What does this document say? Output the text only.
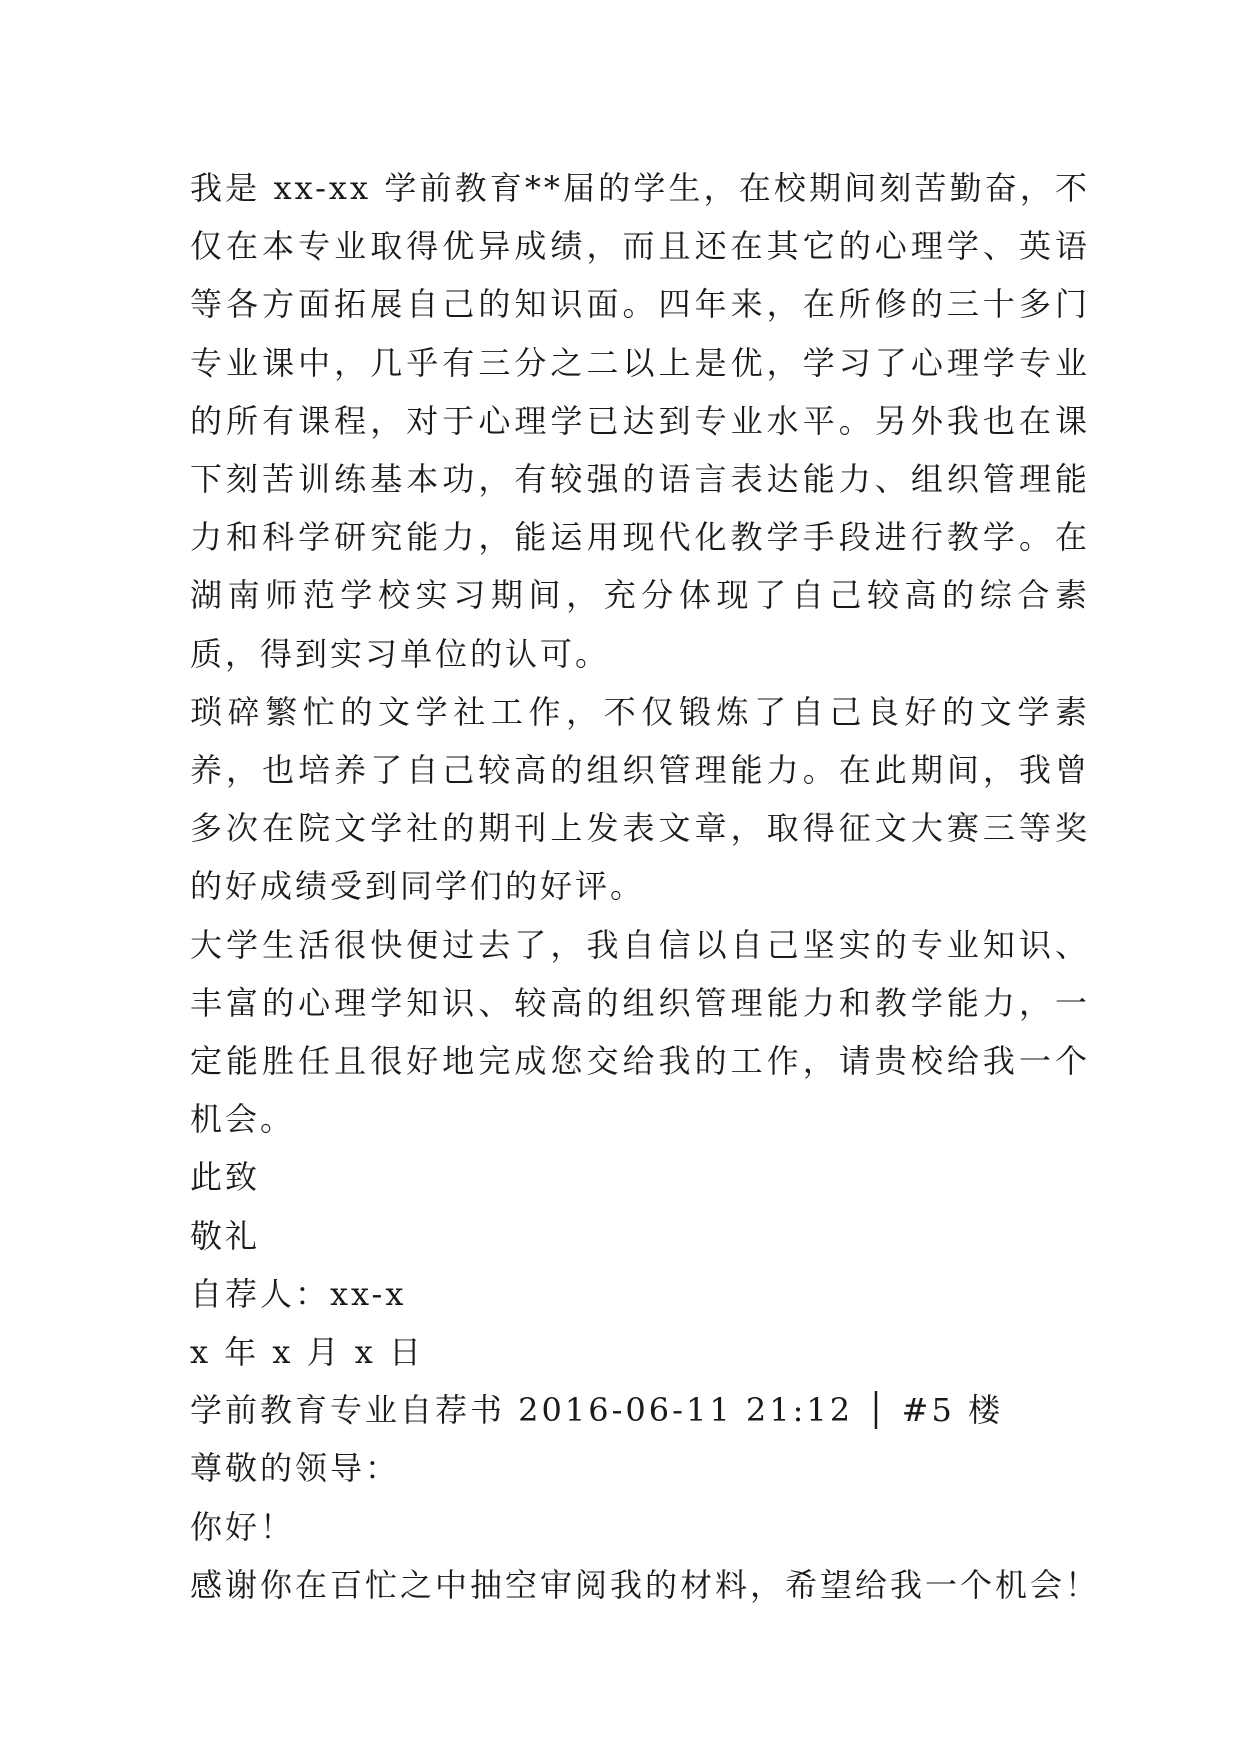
我是 xx-xx 学前教育**届的学生，在校期间刻苦勤奋，不仅在本专业取得优异成绩，而且还在其它的心理学、英语等各方面拓展自己的知识面。四年来，在所修的三十多门专业课中，几乎有三分之二以上是优，学习了心理学专业的所有课程，对于心理学已达到专业水平。另外我也在课下刻苦训练基本功，有较强的语言表达能力、组织管理能力和科学研究能力，能运用现代化教学手段进行教学。在湖南师范学校实习期间，充分体现了自己较高的综合素质，得到实习单位的认可。

琐碎繁忙的文学社工作，不仅锻炼了自己良好的文学素养，也培养了自己较高的组织管理能力。在此期间，我曾多次在院文学社的期刊上发表文章，取得征文大赛三等奖的好成绩受到同学们的好评。

大学生活很快便过去了，我自信以自己坚实的专业知识、丰富的心理学知识、较高的组织管理能力和教学能力，一定能胜任且很好地完成您交给我的工作，请贵校给我一个机会。

此致

敬礼

自荐人：xx-x

x 年 x 月 x 日

学前教育专业自荐书 2016-06-11 21:12 │ #5 楼

尊敬的领导：

你好！

感谢你在百忙之中抽空审阅我的材料，希望给我一个机会！
